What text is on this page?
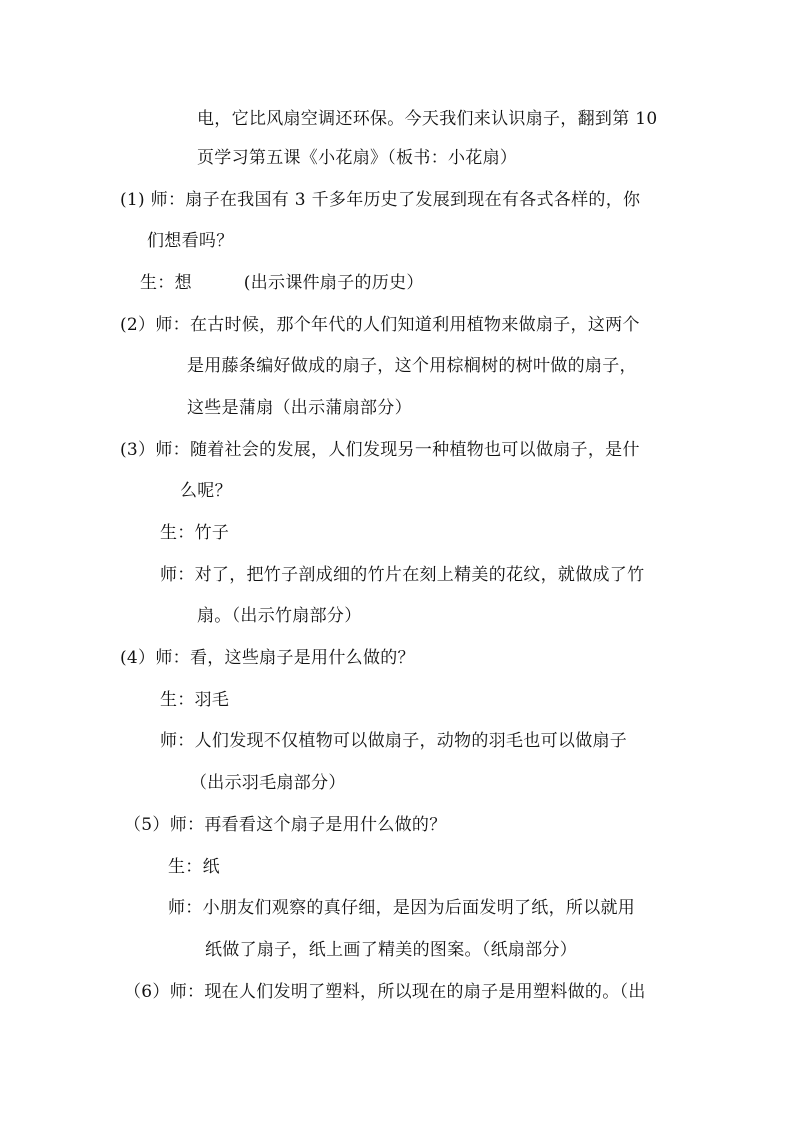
电，它比风扇空调还环保。今天我们来认识扇子，翻到第 10
页学习第五课《小花扇》（板书：小花扇）
(1) 师：扇子在我国有 3 千多年历史了发展到现在有各式各样的，你
们想看吗？
生：想　　　(出示课件扇子的历史）
(2）师：在古时候，那个年代的人们知道利用植物来做扇子，这两个
是用藤条编好做成的扇子，这个用棕榈树的树叶做的扇子，
这些是蒲扇（出示蒲扇部分）
(3）师：随着社会的发展，人们发现另一种植物也可以做扇子，是什
么呢？
生：竹子
师：对了，把竹子剖成细的竹片在刻上精美的花纹，就做成了竹
扇。（出示竹扇部分）
(4）师：看，这些扇子是用什么做的？
生：羽毛
师：人们发现不仅植物可以做扇子，动物的羽毛也可以做扇子
（出示羽毛扇部分）
（5）师：再看看这个扇子是用什么做的？
生：纸
师：小朋友们观察的真仔细，是因为后面发明了纸，所以就用
纸做了扇子，纸上画了精美的图案。（纸扇部分）
（6）师：现在人们发明了塑料，所以现在的扇子是用塑料做的。（出
